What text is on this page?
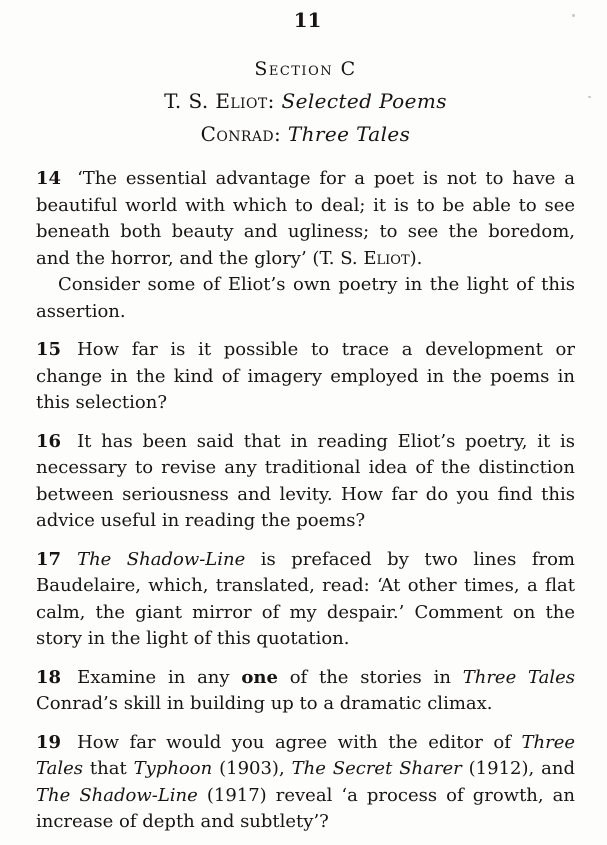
11
Section C
T. S. Eliot: Selected Poems
Conrad: Three Tales

14 ‘The essential advantage for a poet is not to have a beautiful world with which to deal; it is to be able to see beneath both beauty and ugliness; to see the boredom, and the horror, and the glory’ (T. S. Eliot).

Consider some of Eliot’s own poetry in the light of this assertion.

15 How far is it possible to trace a development or change in the kind of imagery employed in the poems in this selection?

16 It has been said that in reading Eliot’s poetry, it is necessary to revise any traditional idea of the distinction between seriousness and levity. How far do you find this advice useful in reading the poems?

17 The Shadow-Line is prefaced by two lines from Baudelaire, which, translated, read: ‘At other times, a flat calm, the giant mirror of my despair.’ Comment on the story in the light of this quotation.

18 Examine in any one of the stories in Three Tales Conrad’s skill in building up to a dramatic climax.

19 How far would you agree with the editor of Three Tales that Typhoon (1903), The Secret Sharer (1912), and The Shadow-Line (1917) reveal ‘a process of growth, an increase of depth and subtlety’?
